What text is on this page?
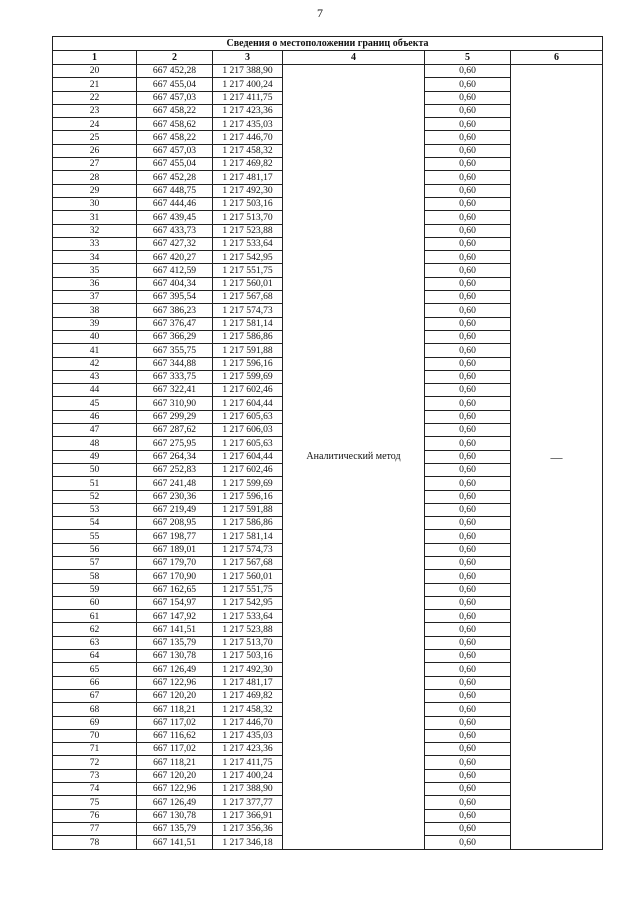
7
Сведения о местоположении границ объекта					
1	2	3	4	5	6
20	667 452,28	1 217 388,90	Аналитический метод	0,60	—
21	667 455,04	1 217 400,24		0,60	
22	667 457,03	1 217 411,75		0,60	
23	667 458,22	1 217 423,36		0,60	
24	667 458,62	1 217 435,03		0,60	
25	667 458,22	1 217 446,70		0,60	
26	667 457,03	1 217 458,32		0,60	
27	667 455,04	1 217 469,82		0,60	
28	667 452,28	1 217 481,17		0,60	
29	667 448,75	1 217 492,30		0,60	
30	667 444,46	1 217 503,16		0,60	
31	667 439,45	1 217 513,70		0,60	
32	667 433,73	1 217 523,88		0,60	
33	667 427,32	1 217 533,64		0,60	
34	667 420,27	1 217 542,95		0,60	
35	667 412,59	1 217 551,75		0,60	
36	667 404,34	1 217 560,01		0,60	
37	667 395,54	1 217 567,68		0,60	
38	667 386,23	1 217 574,73		0,60	
39	667 376,47	1 217 581,14		0,60	
40	667 366,29	1 217 586,86		0,60	
41	667 355,75	1 217 591,88		0,60	
42	667 344,88	1 217 596,16		0,60	
43	667 333,75	1 217 599,69		0,60	
44	667 322,41	1 217 602,46		0,60	
45	667 310,90	1 217 604,44		0,60	
46	667 299,29	1 217 605,63		0,60	
47	667 287,62	1 217 606,03		0,60	
48	667 275,95	1 217 605,63		0,60	
49	667 264,34	1 217 604,44		0,60	
50	667 252,83	1 217 602,46		0,60	
51	667 241,48	1 217 599,69		0,60	
52	667 230,36	1 217 596,16		0,60	
53	667 219,49	1 217 591,88		0,60	
54	667 208,95	1 217 586,86		0,60	
55	667 198,77	1 217 581,14		0,60	
56	667 189,01	1 217 574,73		0,60	
57	667 179,70	1 217 567,68		0,60	
58	667 170,90	1 217 560,01		0,60	
59	667 162,65	1 217 551,75		0,60	
60	667 154,97	1 217 542,95		0,60	
61	667 147,92	1 217 533,64		0,60	
62	667 141,51	1 217 523,88		0,60	
63	667 135,79	1 217 513,70		0,60	
64	667 130,78	1 217 503,16		0,60	
65	667 126,49	1 217 492,30		0,60	
66	667 122,96	1 217 481,17		0,60	
67	667 120,20	1 217 469,82		0,60	
68	667 118,21	1 217 458,32		0,60	
69	667 117,02	1 217 446,70		0,60	
70	667 116,62	1 217 435,03		0,60	
71	667 117,02	1 217 423,36		0,60	
72	667 118,21	1 217 411,75		0,60	
73	667 120,20	1 217 400,24		0,60	
74	667 122,96	1 217 388,90		0,60	
75	667 126,49	1 217 377,77		0,60	
76	667 130,78	1 217 366,91		0,60	
77	667 135,79	1 217 356,36		0,60	
78	667 141,51	1 217 346,18		0,60	
